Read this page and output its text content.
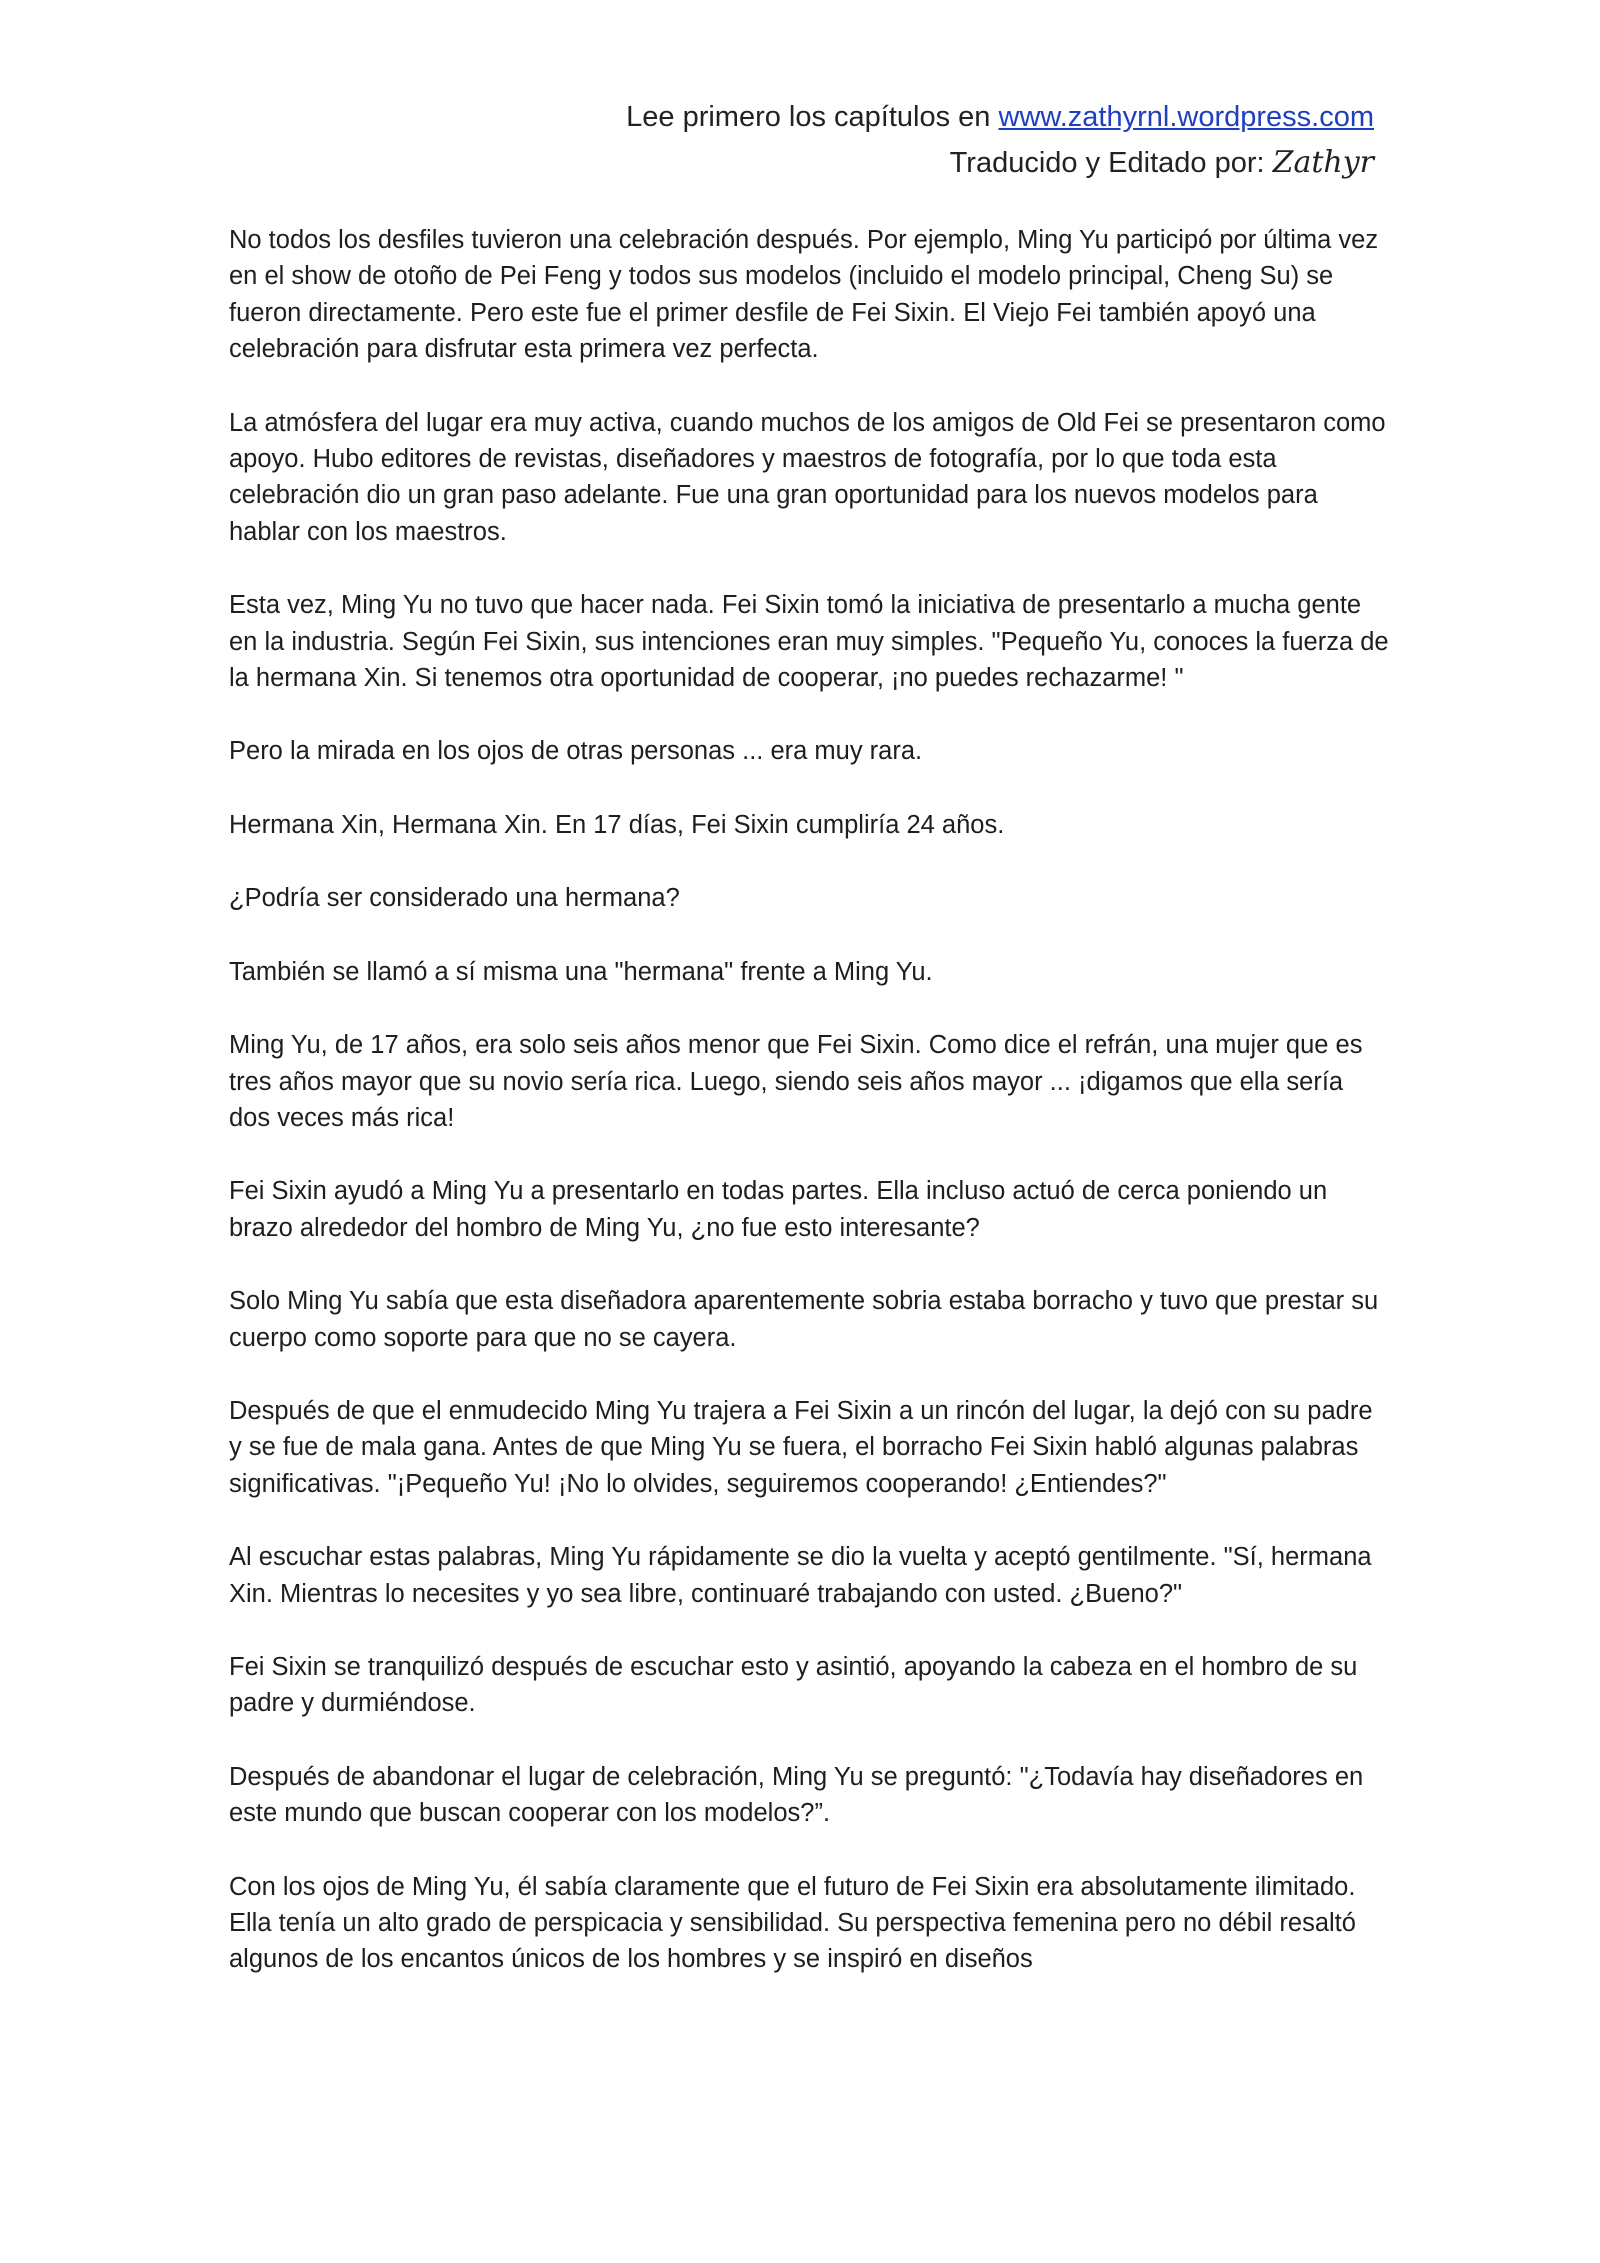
Lee primero los capítulos en www.zathyrnl.wordpress.com
Traducido y Editado por: Zathyr

No todos los desfiles tuvieron una celebración después. Por ejemplo, Ming Yu participó por última vez en el show de otoño de Pei Feng y todos sus modelos (incluido el modelo principal, Cheng Su) se fueron directamente. Pero este fue el primer desfile de Fei Sixin. El Viejo Fei también apoyó una celebración para disfrutar esta primera vez perfecta.

La atmósfera del lugar era muy activa, cuando muchos de los amigos de Old Fei se presentaron como apoyo. Hubo editores de revistas, diseñadores y maestros de fotografía, por lo que toda esta celebración dio un gran paso adelante. Fue una gran oportunidad para los nuevos modelos para hablar con los maestros.

Esta vez, Ming Yu no tuvo que hacer nada. Fei Sixin tomó la iniciativa de presentarlo a mucha gente en la industria. Según Fei Sixin, sus intenciones eran muy simples. "Pequeño Yu, conoces la fuerza de la hermana Xin. Si tenemos otra oportunidad de cooperar, ¡no puedes rechazarme! "

Pero la mirada en los ojos de otras personas ... era muy rara.

Hermana Xin, Hermana Xin. En 17 días, Fei Sixin cumpliría 24 años.

¿Podría ser considerado una hermana?

También se llamó a sí misma una "hermana" frente a Ming Yu.

Ming Yu, de 17 años, era solo seis años menor que Fei Sixin. Como dice el refrán, una mujer que es tres años mayor que su novio sería rica. Luego, siendo seis años mayor ... ¡digamos que ella sería dos veces más rica!

Fei Sixin ayudó a Ming Yu a presentarlo en todas partes. Ella incluso actuó de cerca poniendo un brazo alrededor del hombro de Ming Yu, ¿no fue esto interesante?

Solo Ming Yu sabía que esta diseñadora aparentemente sobria estaba borracho y tuvo que prestar su cuerpo como soporte para que no se cayera.

Después de que el enmudecido Ming Yu trajera a Fei Sixin a un rincón del lugar, la dejó con su padre y se fue de mala gana. Antes de que Ming Yu se fuera, el borracho Fei Sixin habló algunas palabras significativas. "¡Pequeño Yu! ¡No lo olvides, seguiremos cooperando! ¿Entiendes?"

Al escuchar estas palabras, Ming Yu rápidamente se dio la vuelta y aceptó gentilmente. "Sí, hermana Xin. Mientras lo necesites y yo sea libre, continuaré trabajando con usted. ¿Bueno?"

Fei Sixin se tranquilizó después de escuchar esto y asintió, apoyando la cabeza en el hombro de su padre y durmiéndose.

Después de abandonar el lugar de celebración, Ming Yu se preguntó: "¿Todavía hay diseñadores en este mundo que buscan cooperar con los modelos?”.

Con los ojos de Ming Yu, él sabía claramente que el futuro de Fei Sixin era absolutamente ilimitado. Ella tenía un alto grado de perspicacia y sensibilidad. Su perspectiva femenina pero no débil resaltó algunos de los encantos únicos de los hombres y se inspiró en diseños
